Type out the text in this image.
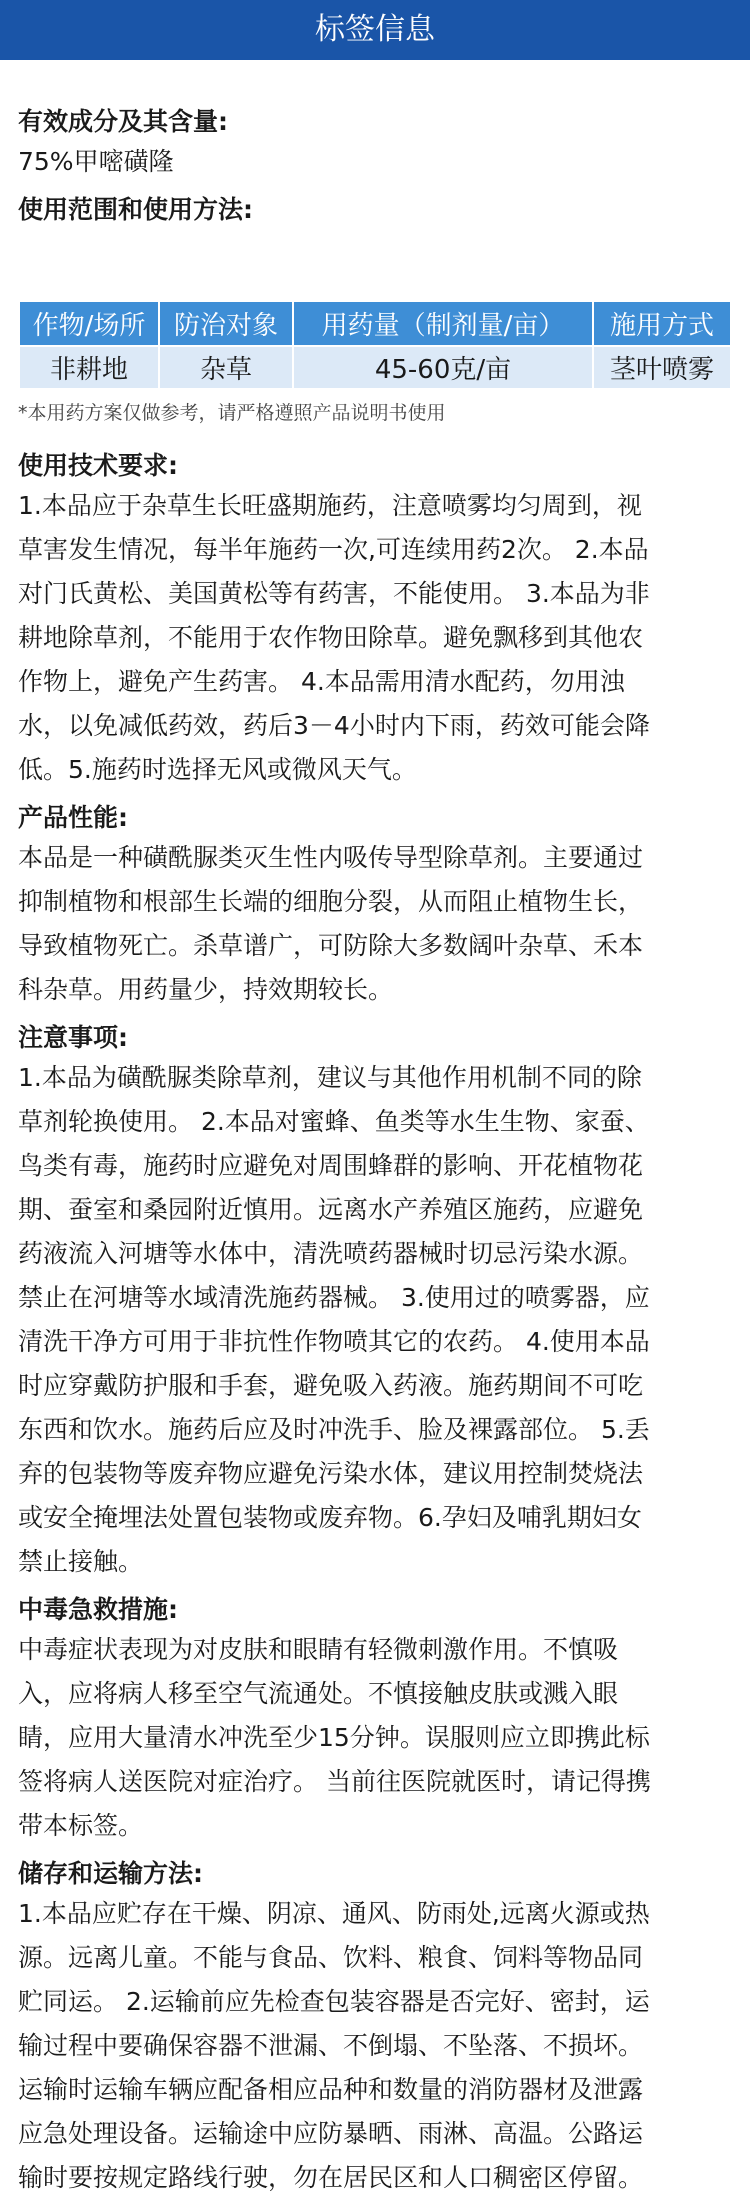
标签信息

有效成分及其含量:

75%甲嘧磺隆

使用范围和使用方法:

作物/场所	防治对象	用药量（制剂量/亩）	施用方式
非耕地	杂草	45-60克/亩	茎叶喷雾

*本用药方案仅做参考，请严格遵照产品说明书使用

使用技术要求:

1.本品应于杂草生长旺盛期施药，注意喷雾均匀周到，视

草害发生情况，每半年施药一次,可连续用药2次。 2.本品

对门氏黄松、美国黄松等有药害，不能使用。 3.本品为非

耕地除草剂，不能用于农作物田除草。避免飘移到其他农

作物上，避免产生药害。 4.本品需用清水配药，勿用浊

水，以免减低药效，药后3－4小时内下雨，药效可能会降

低。5.施药时选择无风或微风天气。

产品性能:

本品是一种磺酰脲类灭生性内吸传导型除草剂。主要通过

抑制植物和根部生长端的细胞分裂，从而阻止植物生长，

导致植物死亡。杀草谱广，可防除大多数阔叶杂草、禾本

科杂草。用药量少，持效期较长。

注意事项:

1.本品为磺酰脲类除草剂，建议与其他作用机制不同的除

草剂轮换使用。 2.本品对蜜蜂、鱼类等水生生物、家蚕、

鸟类有毒，施药时应避免对周围蜂群的影响、开花植物花

期、蚕室和桑园附近慎用。远离水产养殖区施药，应避免

药液流入河塘等水体中，清洗喷药器械时切忌污染水源。

禁止在河塘等水域清洗施药器械。 3.使用过的喷雾器，应

清洗干净方可用于非抗性作物喷其它的农药。 4.使用本品

时应穿戴防护服和手套，避免吸入药液。施药期间不可吃

东西和饮水。施药后应及时冲洗手、脸及裸露部位。 5.丢

弃的包装物等废弃物应避免污染水体，建议用控制焚烧法

或安全掩埋法处置包装物或废弃物。6.孕妇及哺乳期妇女

禁止接触。

中毒急救措施:

中毒症状表现为对皮肤和眼睛有轻微刺激作用。不慎吸

入，应将病人移至空气流通处。不慎接触皮肤或溅入眼

睛，应用大量清水冲洗至少15分钟。误服则应立即携此标

签将病人送医院对症治疗。 当前往医院就医时，请记得携

带本标签。

储存和运输方法:

1.本品应贮存在干燥、阴凉、通风、防雨处,远离火源或热

源。远离儿童。不能与食品、饮料、粮食、饲料等物品同

贮同运。 2.运输前应先检查包装容器是否完好、密封，运

输过程中要确保容器不泄漏、不倒塌、不坠落、不损坏。

运输时运输车辆应配备相应品种和数量的消防器材及泄露

应急处理设备。运输途中应防暴晒、雨淋、高温。公路运

输时要按规定路线行驶，勿在居民区和人口稠密区停留。
